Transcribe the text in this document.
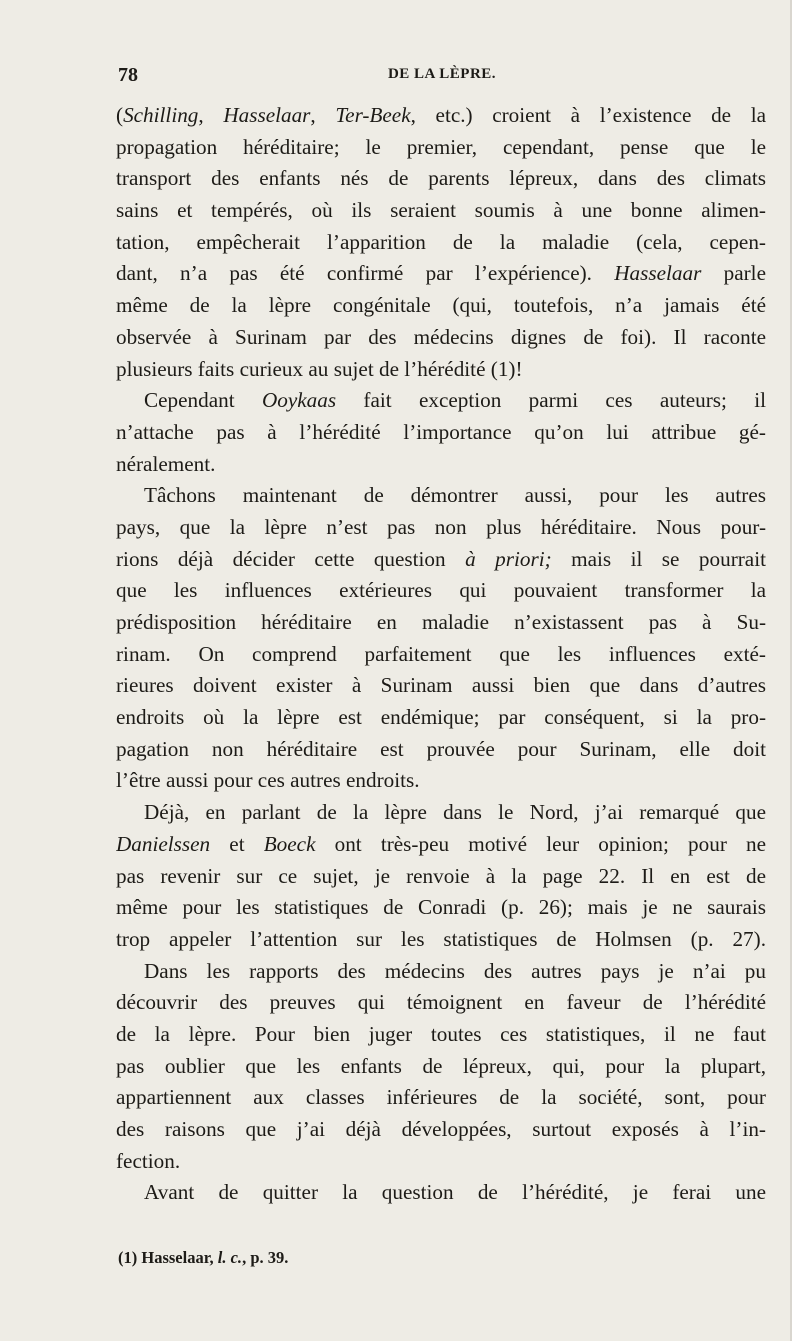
78	DE LA LÈPRE.
(Schilling, Hasselaar, Ter-Beek, etc.) croient à l’existence de la
propagation héréditaire; le premier, cependant, pense que le
transport des enfants nés de parents lépreux, dans des climats
sains et tempérés, où ils seraient soumis à une bonne alimen-
tation, empêcherait l’apparition de la maladie (cela, cepen-
dant, n’a pas été confirmé par l’expérience). Hasselaar parle
même de la lèpre congénitale (qui, toutefois, n’a jamais été
observée à Surinam par des médecins dignes de foi). Il raconte
plusieurs faits curieux au sujet de l’hérédité (1)!
Cependant Ooykaas fait exception parmi ces auteurs; il
n’attache pas à l’hérédité l’importance qu’on lui attribue gé-
néralement.
Tâchons maintenant de démontrer aussi, pour les autres
pays, que la lèpre n’est pas non plus héréditaire. Nous pour-
rions déjà décider cette question à priori; mais il se pourrait
que les influences extérieures qui pouvaient transformer la
prédisposition héréditaire en maladie n’existassent pas à Su-
rinam. On comprend parfaitement que les influences exté-
rieures doivent exister à Surinam aussi bien que dans d’autres
endroits où la lèpre est endémique; par conséquent, si la pro-
pagation non héréditaire est prouvée pour Surinam, elle doit
l’être aussi pour ces autres endroits.
Déjà, en parlant de la lèpre dans le Nord, j’ai remarqué que
Danielssen et Boeck ont très-peu motivé leur opinion; pour ne
pas revenir sur ce sujet, je renvoie à la page 22. Il en est de
même pour les statistiques de Conradi (p. 26); mais je ne saurais
trop appeler l’attention sur les statistiques de Holmsen (p. 27).
Dans les rapports des médecins des autres pays je n’ai pu
découvrir des preuves qui témoignent en faveur de l’hérédité
de la lèpre. Pour bien juger toutes ces statistiques, il ne faut
pas oublier que les enfants de lépreux, qui, pour la plupart,
appartiennent aux classes inférieures de la société, sont, pour
des raisons que j’ai déjà développées, surtout exposés à l’in-
fection.
Avant de quitter la question de l’hérédité, je ferai une
(1) Hasselaar, l. c., p. 39.
